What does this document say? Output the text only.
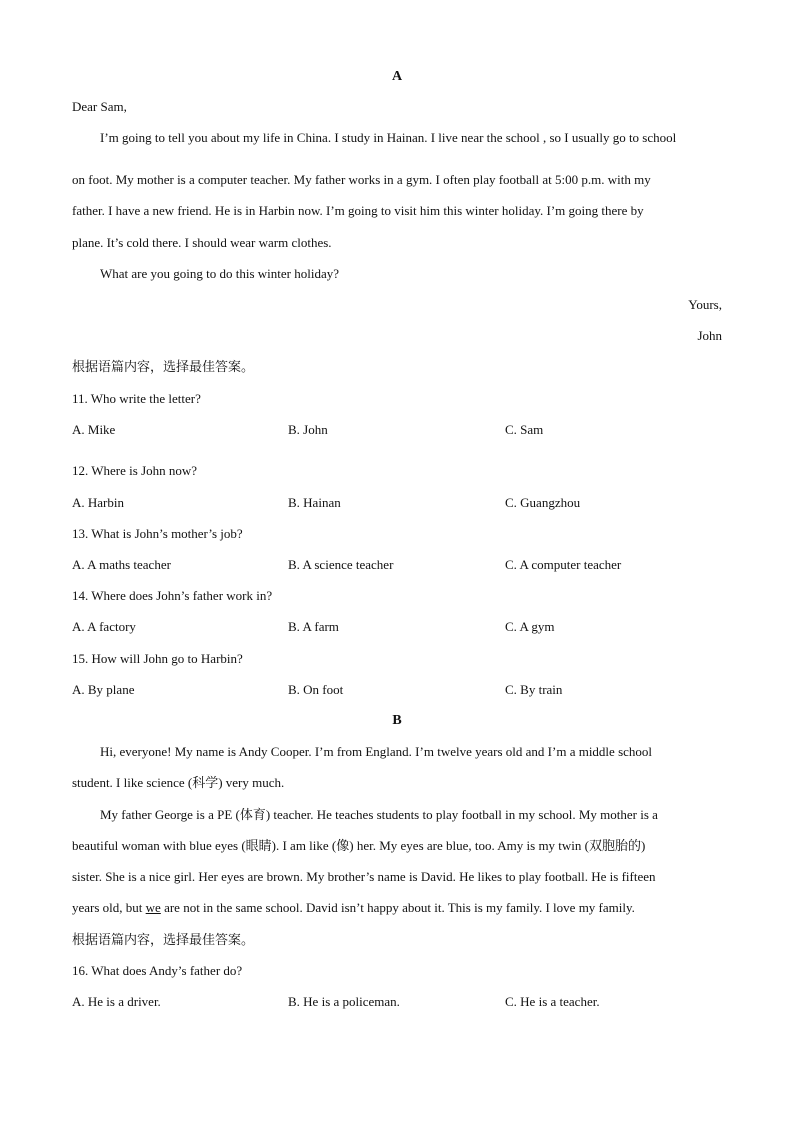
A
Dear Sam,
I’m going to tell you about my life in China. I study in Hainan. I live near the school , so I usually go to school
on foot. My mother is a computer teacher. My father works in a gym. I often play football at 5:00 p.m. with my
father. I have a new friend. He is in Harbin now. I’m going to visit him this winter holiday. I’m going there by
plane. It’s cold there. I should wear warm clothes.
What are you going to do this winter holiday?
Yours,
John
根据语篇内容，选择最佳答案。
11. Who write the letter?
A. Mike	B. John	C. Sam
12. Where is John now?
A. Harbin	B. Hainan	C. Guangzhou
13. What is John’s mother’s job?
A. A maths teacher	B. A science teacher	C. A computer teacher
14. Where does John’s father work in?
A. A factory	B. A farm	C. A gym
15. How will John go to Harbin?
A. By plane	B. On foot	C. By train
B
Hi, everyone! My name is Andy Cooper. I’m from England. I’m twelve years old and I’m a middle school
student. I like science (科学) very much.
My father George is a PE (体育) teacher. He teaches students to play football in my school. My mother is a
beautiful woman with blue eyes (眼睛). I am like (像) her. My eyes are blue, too. Amy is my twin (双胞胎的)
sister. She is a nice girl. Her eyes are brown. My brother’s name is David. He likes to play football. He is fifteen
years old, but we are not in the same school. David isn’t happy about it. This is my family. I love my family.
根据语篇内容，选择最佳答案。
16. What does Andy’s father do?
A. He is a driver.	B. He is a policeman.	C. He is a teacher.
